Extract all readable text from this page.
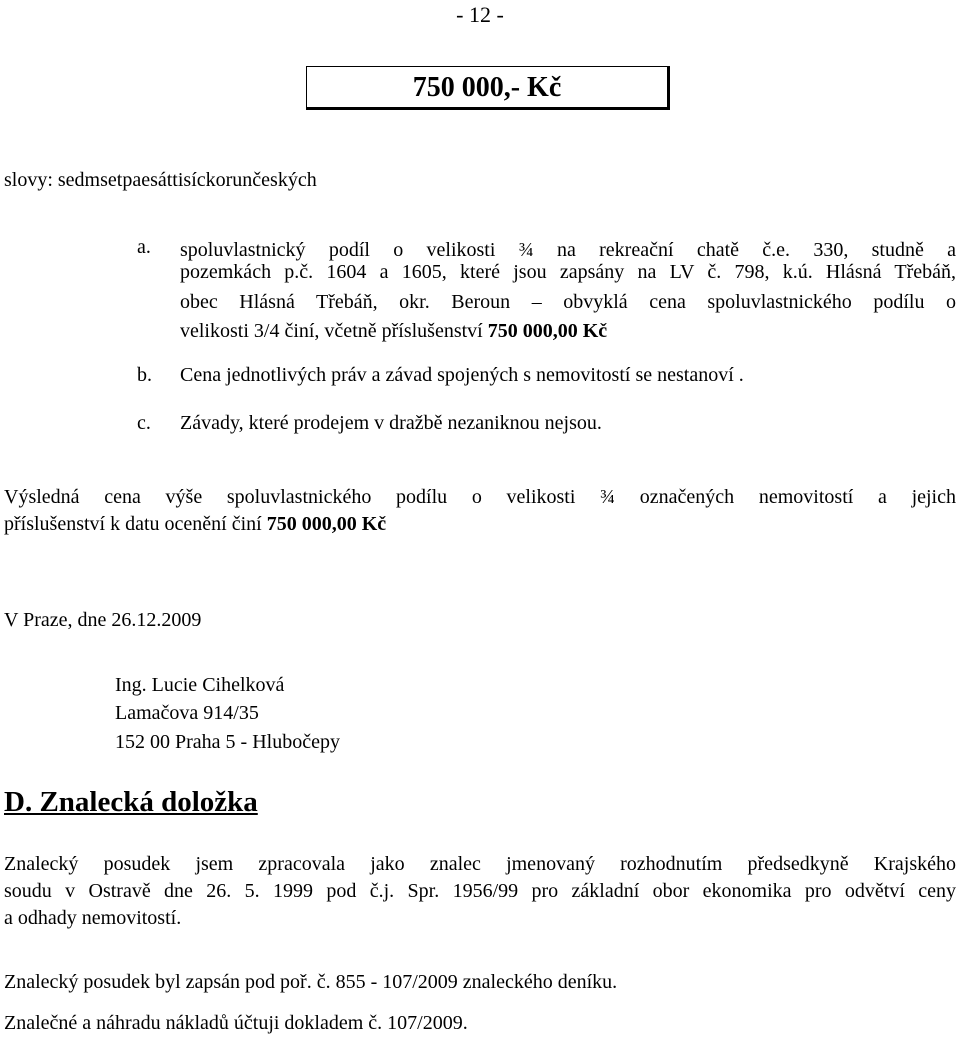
- 12 -
750 000,- Kč
slovy: sedmsetpaesáttisíckorunčeských
a. spoluvlastnický podíl o velikosti ¾ na rekreační chatě č.e. 330, studně a
pozemkách p.č. 1604 a 1605, které jsou zapsány na LV č. 798, k.ú. Hlásná Třebáň,
obec Hlásná Třebáň, okr. Beroun – obvyklá cena spoluvlastnického podílu o
velikosti 3/4 činí, včetně příslušenství 750 000,00 Kč
b. Cena jednotlivých práv a závad spojených s nemovitostí se nestanoví .
c. Závady, které prodejem v dražbě nezaniknou nejsou.
Výsledná cena výše spoluvlastnického podílu o velikosti ¾ označených nemovitostí a jejich
příslušenství k datu ocenění činí 750 000,00 Kč
V Praze, dne 26.12.2009
Ing. Lucie Cihelková
Lamačova 914/35
152 00 Praha 5 - Hlubočepy
D. Znalecká doložka
Znalecký posudek jsem zpracovala jako znalec jmenovaný rozhodnutím předsedkyně Krajského
soudu v Ostravě dne 26. 5. 1999 pod č.j. Spr. 1956/99 pro základní obor ekonomika pro odvětví ceny
a odhady nemovitostí.
Znalecký posudek byl zapsán pod poř. č. 855 - 107/2009 znaleckého deníku.
Znalečné a náhradu nákladů účtuji dokladem č. 107/2009.
